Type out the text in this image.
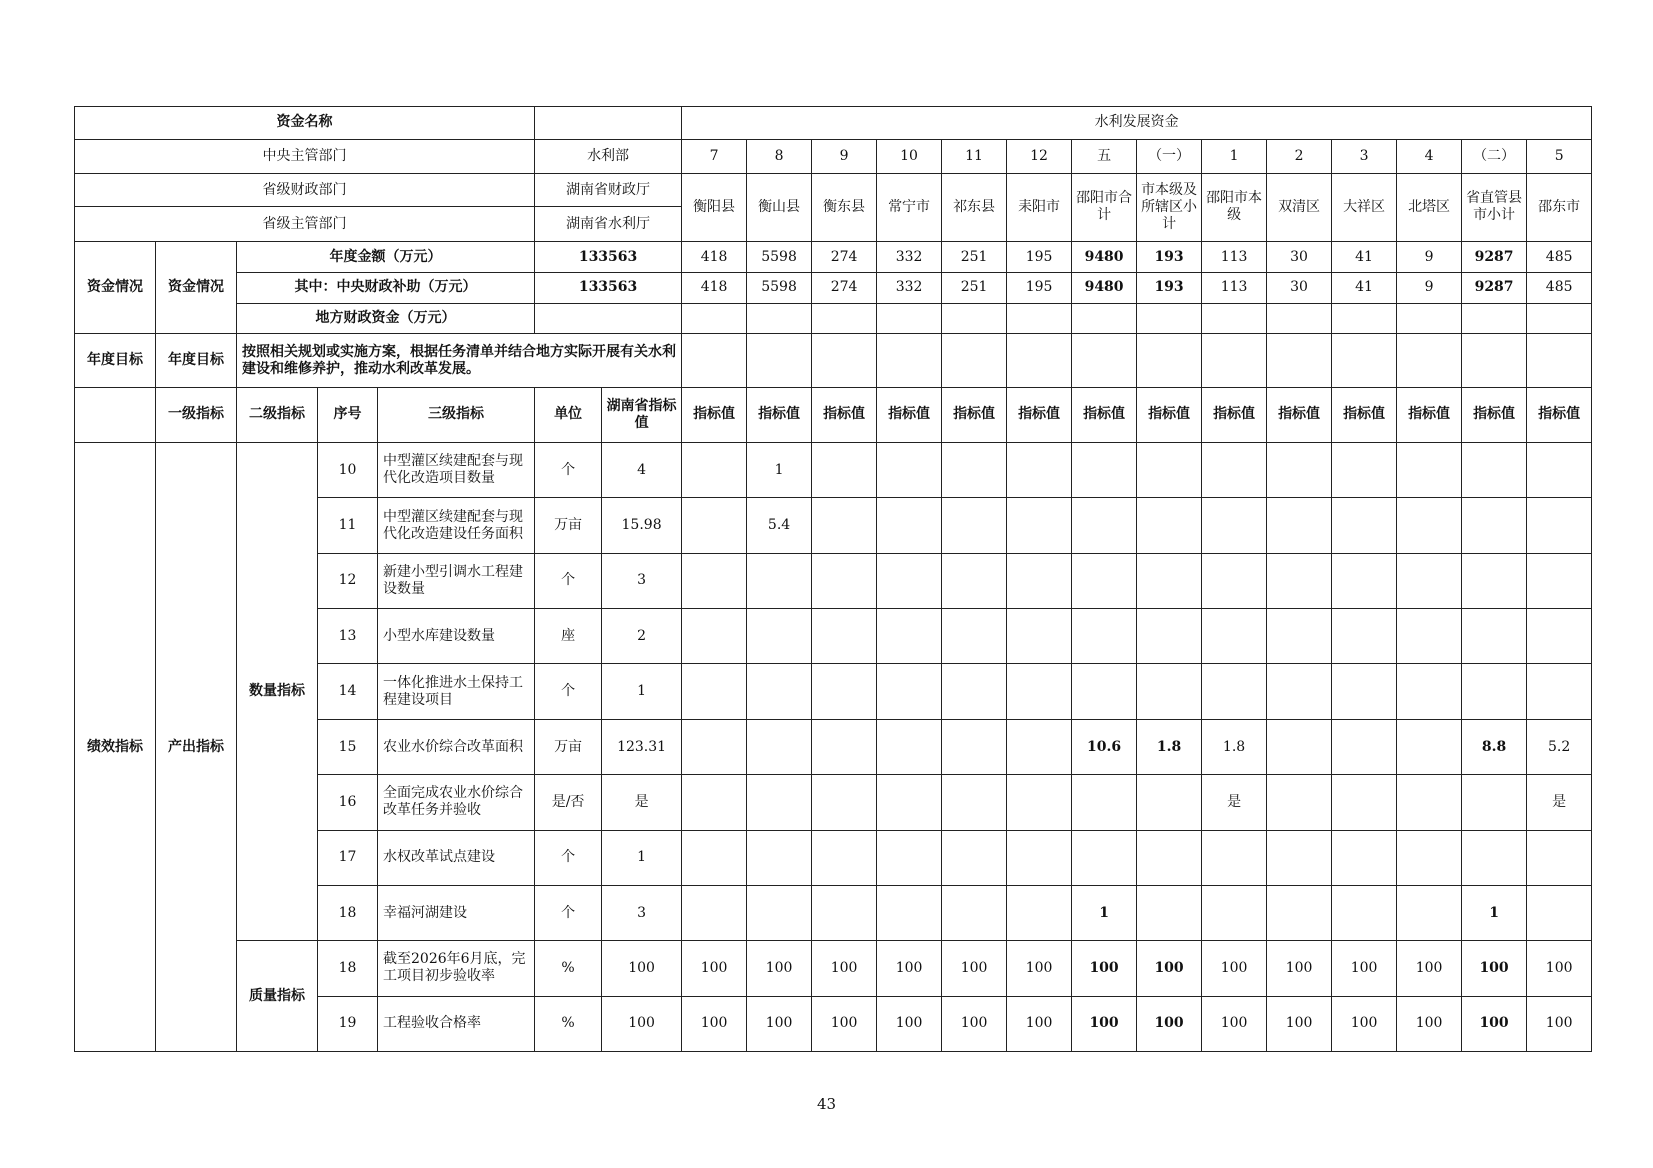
资金名称							水利发展资金													
中央主管部门					水利部		7	8	9	10	11	12	五	（一）	1	2	3	4	（二）	5
省级财政部门					湖南省财政厅		衡阳县	衡山县	衡东县	常宁市	祁东县	耒阳市	邵阳市合计	市本级及所辖区小计	邵阳市本级	双清区	大祥区	北塔区	省直管县市小计	邵东市
省级主管部门					湖南省水利厅															
资金情况	资金情况	年度金额（万元）			133563		418	5598	274	332	251	195	9480	193	113	30	41	9	9287	485
		其中：中央财政补助（万元）			133563		418	5598	274	332	251	195	9480	193	113	30	41	9	9287	485
		地方财政资金（万元）																		
年度目标	年度目标	按照相关规划或实施方案，根据任务清单并结合地方实际开展有关水利建设和维修养护，推动水利改革发展。																		
	一级指标	二级指标	序号	三级指标	单位	湖南省指标值	指标值	指标值	指标值	指标值	指标值	指标值	指标值	指标值	指标值	指标值	指标值	指标值	指标值	指标值
绩效指标	产出指标	数量指标	10	中型灌区续建配套与现代化改造项目数量	个	4		1												
			11	中型灌区续建配套与现代化改造建设任务面积	万亩	15.98		5.4												
			12	新建小型引调水工程建设数量	个	3														
			13	小型水库建设数量	座	2														
			14	一体化推进水土保持工程建设项目	个	1														
			15	农业水价综合改革面积	万亩	123.31							10.6	1.8	1.8				8.8	5.2
			16	全面完成农业水价综合改革任务并验收	是/否	是									是					是
			17	水权改革试点建设	个	1														
			18	幸福河湖建设	个	3							1						1	
		质量指标	18	截至2026年6月底，完工项目初步验收率	%	100	100	100	100	100	100	100	100	100	100	100	100	100	100	100
			19	工程验收合格率	%	100	100	100	100	100	100	100	100	100	100	100	100	100	100	100
43
